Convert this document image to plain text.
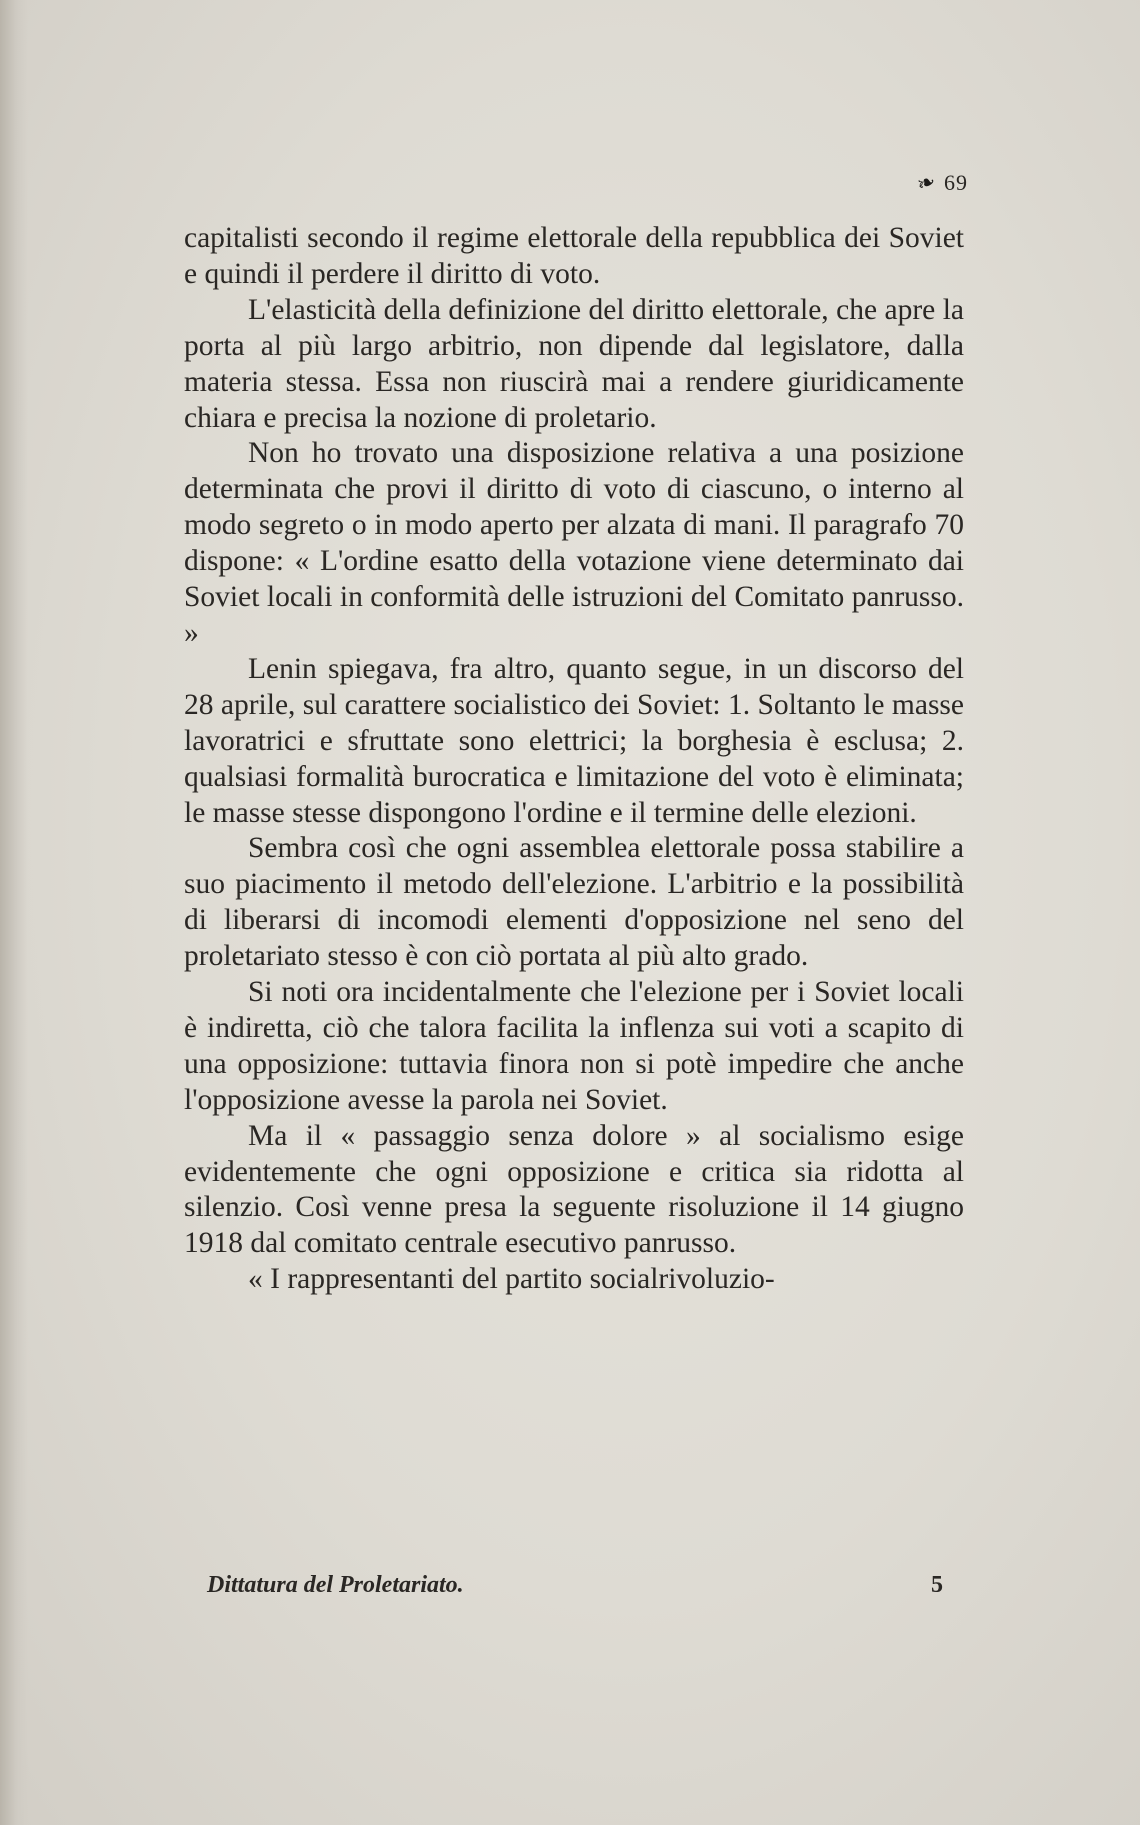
❧ 69

capitalisti secondo il regime elettorale della repubblica dei Soviet e quindi il perdere il diritto di voto.

L'elasticità della definizione del diritto elettorale, che apre la porta al più largo arbitrio, non dipende dal legislatore, dalla materia stessa. Essa non riuscirà mai a rendere giuridicamente chiara e precisa la nozione di proletario.

Non ho trovato una disposizione relativa a una posizione determinata che provi il diritto di voto di ciascuno, o interno al modo segreto o in modo aperto per alzata di mani. Il paragrafo 70 dispone: « L'ordine esatto della votazione viene determinato dai Soviet locali in conformità delle istruzioni del Comitato panrusso. »

Lenin spiegava, fra altro, quanto segue, in un discorso del 28 aprile, sul carattere socialistico dei Soviet: 1. Soltanto le masse lavoratrici e sfruttate sono elettrici; la borghesia è esclusa; 2. qualsiasi formalità burocratica e limitazione del voto è eliminata; le masse stesse dispongono l'ordine e il termine delle elezioni.

Sembra così che ogni assemblea elettorale possa stabilire a suo piacimento il metodo dell'elezione. L'arbitrio e la possibilità di liberarsi di incomodi elementi d'opposizione nel seno del proletariato stesso è con ciò portata al più alto grado.

Si noti ora incidentalmente che l'elezione per i Soviet locali è indiretta, ciò che talora facilita la inflenza sui voti a scapito di una opposizione: tuttavia finora non si potè impedire che anche l'opposizione avesse la parola nei Soviet.

Ma il « passaggio senza dolore » al socialismo esige evidentemente che ogni opposizione e critica sia ridotta al silenzio. Così venne presa la seguente risoluzione il 14 giugno 1918 dal comitato centrale esecutivo panrusso.

« I rappresentanti del partito socialrivoluzio-

Dittatura del Proletariato.	5
